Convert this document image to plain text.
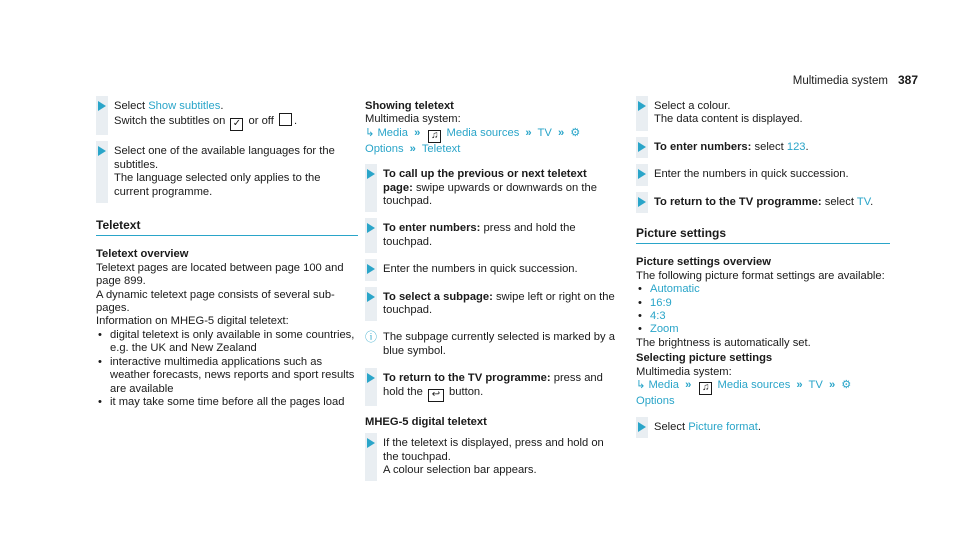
Multimedia system 387

Select Show subtitles.

Switch the subtitles on ✓ or off .

Select one of the available languages for the subtitles.

The language selected only applies to the current programme.

Teletext

Teletext overview

Teletext pages are located between page 100 and page 899.

A dynamic teletext page consists of several sub-pages.

Information on MHEG-5 digital teletext:

• digital teletext is only available in some countries, e.g. the UK and New Zealand
• interactive multimedia applications such as weather forecasts, news reports and sport results are available
• it may take some time before all the pages load

Showing teletext

Multimedia system:

↳ Media » ♫ Media sources » TV » ⚙ Options » Teletext

To call up the previous or next teletext page: swipe upwards or downwards on the touchpad.

To enter numbers: press and hold the touchpad.

Enter the numbers in quick succession.

To select a subpage: swipe left or right on the touchpad.

ⓘ The subpage currently selected is marked by a blue symbol.

To return to the TV programme: press and hold the ↩ button.

MHEG-5 digital teletext

If the teletext is displayed, press and hold on the touchpad.

A colour selection bar appears.

Select a colour.

The data content is displayed.

To enter numbers: select 123.

Enter the numbers in quick succession.

To return to the TV programme: select TV.

Picture settings

Picture settings overview

The following picture format settings are available:

• Automatic
• 16:9
• 4:3
• Zoom

The brightness is automatically set.

Selecting picture settings

Multimedia system:

↳ Media » ♫ Media sources » TV » ⚙ Options

Select Picture format.
